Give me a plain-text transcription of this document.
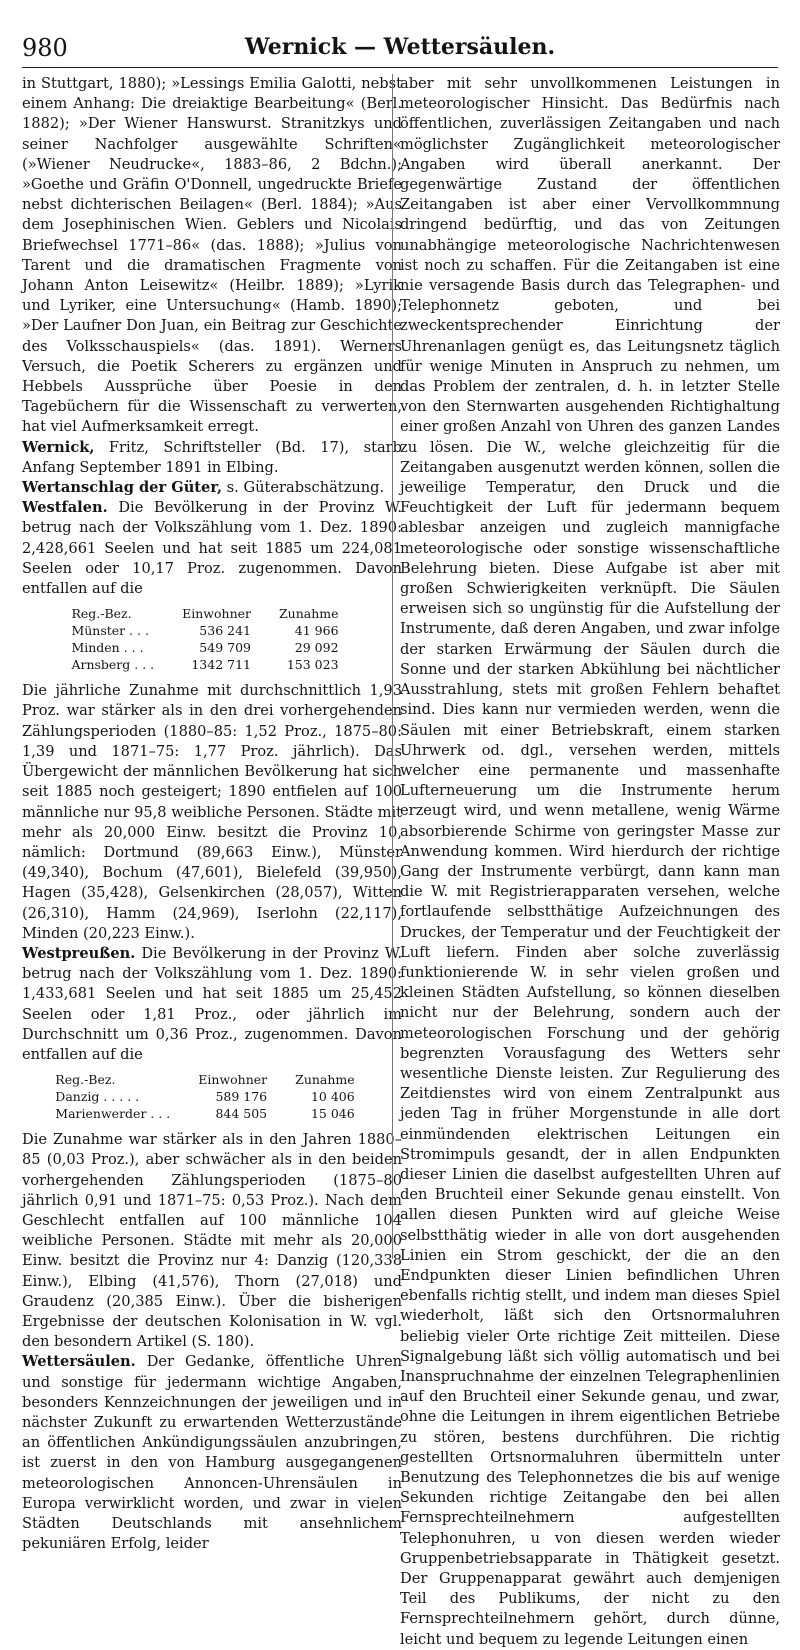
980	Wernick — Wettersäulen.

in Stuttgart, 1880); »Lessings Emilia Galotti, nebst einem Anhang: Die dreiaktige Bearbeitung« (Berl. 1882); »Der Wiener Hanswurst. Stranitzkys und seiner Nachfolger ausgewählte Schriften« (»Wiener Neudrucke«, 1883–86, 2 Bdchn.); »Goethe und Gräfin O'Donnell, ungedruckte Briefe nebst dichterischen Beilagen« (Berl. 1884); »Aus dem Josephinischen Wien. Geblers und Nicolais Briefwechsel 1771–86« (das. 1888); »Julius von Tarent und die dramatischen Fragmente von Johann Anton Leisewitz« (Heilbr. 1889); »Lyrik und Lyriker, eine Untersuchung« (Hamb. 1890); »Der Laufner Don Juan, ein Beitrag zur Geschichte des Volksschauspiels« (das. 1891). Werners Versuch, die Poetik Scherers zu ergänzen und Hebbels Aussprüche über Poesie in den Tagebüchern für die Wissenschaft zu verwerten, hat viel Aufmerksamkeit erregt.

Wernick, Fritz, Schriftsteller (Bd. 17), starb Anfang September 1891 in Elbing.

Wertanschlag der Güter, s. Güterabschätzung.

Westfalen. Die Bevölkerung in der Provinz W. betrug nach der Volkszählung vom 1. Dez. 1890: 2,428,661 Seelen und hat seit 1885 um 224,081 Seelen oder 10,17 Proz. zugenommen. Davon entfallen auf die

Reg.-Bez.	Einwohner	Zunahme
Münster . . .	536 241	41 966
Minden . . .	549 709	29 092
Arnsberg . . .	1342 711	153 023

Die jährliche Zunahme mit durchschnittlich 1,93 Proz. war stärker als in den drei vorhergehenden Zählungsperioden (1880–85: 1,52 Proz., 1875–80: 1,39 und 1871–75: 1,77 Proz. jährlich). Das Übergewicht der männlichen Bevölkerung hat sich seit 1885 noch gesteigert; 1890 entfielen auf 100 männliche nur 95,8 weibliche Personen. Städte mit mehr als 20,000 Einw. besitzt die Provinz 10, nämlich: Dortmund (89,663 Einw.), Münster (49,340), Bochum (47,601), Bielefeld (39,950), Hagen (35,428), Gelsenkirchen (28,057), Witten (26,310), Hamm (24,969), Iserlohn (22,117), Minden (20,223 Einw.).

Westpreußen. Die Bevölkerung in der Provinz W. betrug nach der Volkszählung vom 1. Dez. 1890: 1,433,681 Seelen und hat seit 1885 um 25,452 Seelen oder 1,81 Proz., oder jährlich im Durchschnitt um 0,36 Proz., zugenommen. Davon entfallen auf die

Reg.-Bez.	Einwohner	Zunahme
Danzig . . . . .	589 176	10 406
Marienwerder . . .	844 505	15 046

Die Zunahme war stärker als in den Jahren 1880–85 (0,03 Proz.), aber schwächer als in den beiden vorhergehenden Zählungsperioden (1875–80 jährlich 0,91 und 1871–75: 0,53 Proz.). Nach dem Geschlecht entfallen auf 100 männliche 104 weibliche Personen. Städte mit mehr als 20,000 Einw. besitzt die Provinz nur 4: Danzig (120,338 Einw.), Elbing (41,576), Thorn (27,018) und Graudenz (20,385 Einw.). Über die bisherigen Ergebnisse der deutschen Kolonisation in W. vgl. den besondern Artikel (S. 180).

Wettersäulen. Der Gedanke, öffentliche Uhren und sonstige für jedermann wichtige Angaben, besonders Kennzeichnungen der jeweiligen und in nächster Zukunft zu erwartenden Wetterzustände an öffentlichen Ankündigungssäulen anzubringen, ist zuerst in den von Hamburg ausgegangenen meteorologischen Annoncen-Uhrensäulen in Europa verwirklicht worden, und zwar in vielen Städten Deutschlands mit ansehnlichem pekuniären Erfolg, leider

aber mit sehr unvollkommenen Leistungen in meteorologischer Hinsicht. Das Bedürfnis nach öffentlichen, zuverlässigen Zeitangaben und nach möglichster Zugänglichkeit meteorologischer Angaben wird überall anerkannt. Der gegenwärtige Zustand der öffentlichen Zeitangaben ist aber einer Vervollkommnung dringend bedürftig, und das von Zeitungen unabhängige meteorologische Nachrichtenwesen ist noch zu schaffen. Für die Zeitangaben ist eine nie versagende Basis durch das Telegraphen- und Telephonnetz geboten, und bei zweckentsprechender Einrichtung der Uhrenanlagen genügt es, das Leitungsnetz täglich für wenige Minuten in Anspruch zu nehmen, um das Problem der zentralen, d. h. in letzter Stelle von den Sternwarten ausgehenden Richtighaltung einer großen Anzahl von Uhren des ganzen Landes zu lösen. Die W., welche gleichzeitig für die Zeitangaben ausgenutzt werden können, sollen die jeweilige Temperatur, den Druck und die Feuchtigkeit der Luft für jedermann bequem ablesbar anzeigen und zugleich mannigfache meteorologische oder sonstige wissenschaftliche Belehrung bieten. Diese Aufgabe ist aber mit großen Schwierigkeiten verknüpft. Die Säulen erweisen sich so ungünstig für die Aufstellung der Instrumente, daß deren Angaben, und zwar infolge der starken Erwärmung der Säulen durch die Sonne und der starken Abkühlung bei nächtlicher Ausstrahlung, stets mit großen Fehlern behaftet sind. Dies kann nur vermieden werden, wenn die Säulen mit einer Betriebskraft, einem starken Uhrwerk od. dgl., versehen werden, mittels welcher eine permanente und massenhafte Lufterneuerung um die Instrumente herum erzeugt wird, und wenn metallene, wenig Wärme absorbierende Schirme von geringster Masse zur Anwendung kommen. Wird hierdurch der richtige Gang der Instrumente verbürgt, dann kann man die W. mit Registrierapparaten versehen, welche fortlaufende selbstthätige Aufzeichnungen des Druckes, der Temperatur und der Feuchtigkeit der Luft liefern. Finden aber solche zuverlässig funktionierende W. in sehr vielen großen und kleinen Städten Aufstellung, so können dieselben nicht nur der Belehrung, sondern auch der meteorologischen Forschung und der gehörig begrenzten Vorausfagung des Wetters sehr wesentliche Dienste leisten. Zur Regulierung des Zeitdienstes wird von einem Zentralpunkt aus jeden Tag in früher Morgenstunde in alle dort einmündenden elektrischen Leitungen ein Stromimpuls gesandt, der in allen Endpunkten dieser Linien die daselbst aufgestellten Uhren auf den Bruchteil einer Sekunde genau einstellt. Von allen diesen Punkten wird auf gleiche Weise selbstthätig wieder in alle von dort ausgehenden Linien ein Strom geschickt, der die an den Endpunkten dieser Linien befindlichen Uhren ebenfalls richtig stellt, und indem man dieses Spiel wiederholt, läßt sich den Ortsnormaluhren beliebig vieler Orte richtige Zeit mitteilen. Diese Signalgebung läßt sich völlig automatisch und bei Inanspruchnahme der einzelnen Telegraphenlinien auf den Bruchteil einer Sekunde genau, und zwar, ohne die Leitungen in ihrem eigentlichen Betriebe zu stören, bestens durchführen. Die richtig gestellten Ortsnormaluhren übermitteln unter Benutzung des Telephonnetzes die bis auf wenige Sekunden richtige Zeitangabe den bei allen Fernsprechteilnehmern aufgestellten Telephonuhren, u von diesen werden wieder Gruppenbetriebsapparate in Thätigkeit gesetzt. Der Gruppenapparat gewährt auch demjenigen Teil des Publikums, der nicht zu den Fernsprechteilnehmern gehört, durch dünne, leicht und bequem zu legende Leitungen einen
